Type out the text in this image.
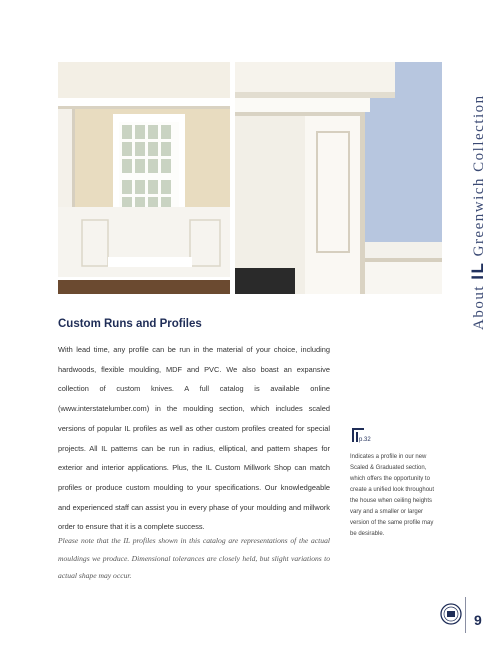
About IL Greenwich Collection
Custom Runs and Profiles

With lead time, any profile can be run in the material of your choice, including hardwoods, flexible moulding, MDF and PVC. We also boast an expansive collection of custom knives. A full catalog is available online (www.interstatelumber.com) in the moulding section, which includes scaled versions of popular IL profiles as well as other custom profiles created for special projects. All IL patterns can be run in radius, elliptical, and pattern shapes for exterior and interior applications. Plus, the IL Custom Millwork Shop can match profiles or produce custom moulding to your specifications. Our knowledgeable and experienced staff can assist you in every phase of your moulding and millwork order to ensure that it is a complete success.

Please note that the IL profiles shown in this catalog are representations of the actual mouldings we produce. Dimensional tolerances are closely held, but slight variations to actual shape may occur.

p.32

Indicates a profile in our new Scaled & Graduated section, which offers the opportunity to create a unified look throughout the house when ceiling heights vary and a smaller or larger version of the same profile may be desirable.

9
